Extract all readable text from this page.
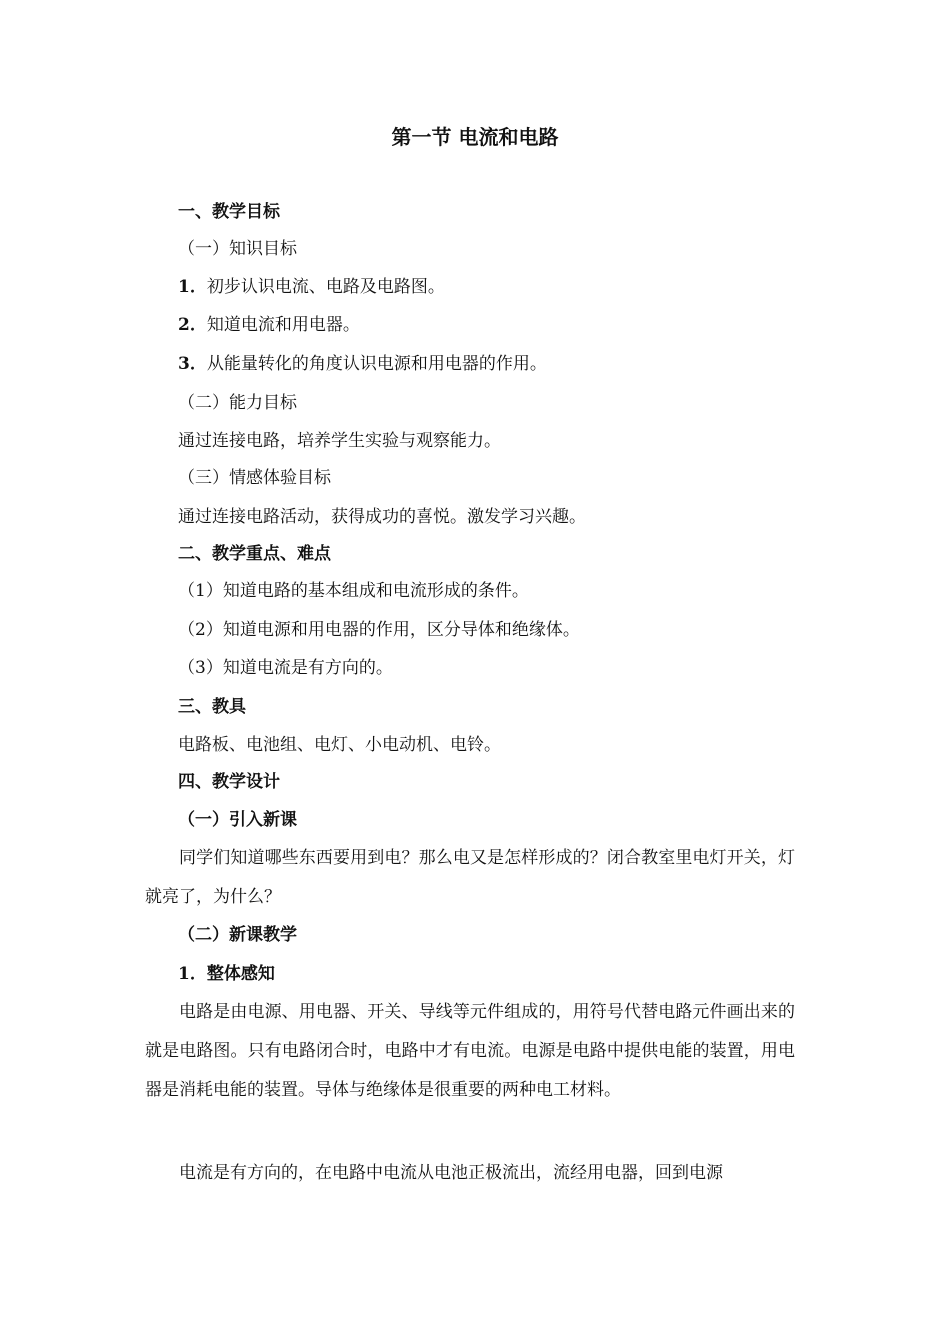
第一节 电流和电路
一、教学目标
（一）知识目标
1．初步认识电流、电路及电路图。
2．知道电流和用电器。
3．从能量转化的角度认识电源和用电器的作用。
（二）能力目标
通过连接电路，培养学生实验与观察能力。
（三）情感体验目标
通过连接电路活动，获得成功的喜悦。激发学习兴趣。
二、教学重点、难点
（1）知道电路的基本组成和电流形成的条件。
（2）知道电源和用电器的作用，区分导体和绝缘体。
（3）知道电流是有方向的。
三、教具
电路板、电池组、电灯、小电动机、电铃。
四、教学设计
（一）引入新课
同学们知道哪些东西要用到电？那么电又是怎样形成的？闭合教室里电灯开关，灯就亮了，为什么？
（二）新课教学
1．整体感知
电路是由电源、用电器、开关、导线等元件组成的，用符号代替电路元件画出来的就是电路图。只有电路闭合时，电路中才有电流。电源是电路中提供电能的装置，用电器是消耗电能的装置。导体与绝缘体是很重要的两种电工材料。
电流是有方向的，在电路中电流从电池正极流出，流经用电器，回到电源
